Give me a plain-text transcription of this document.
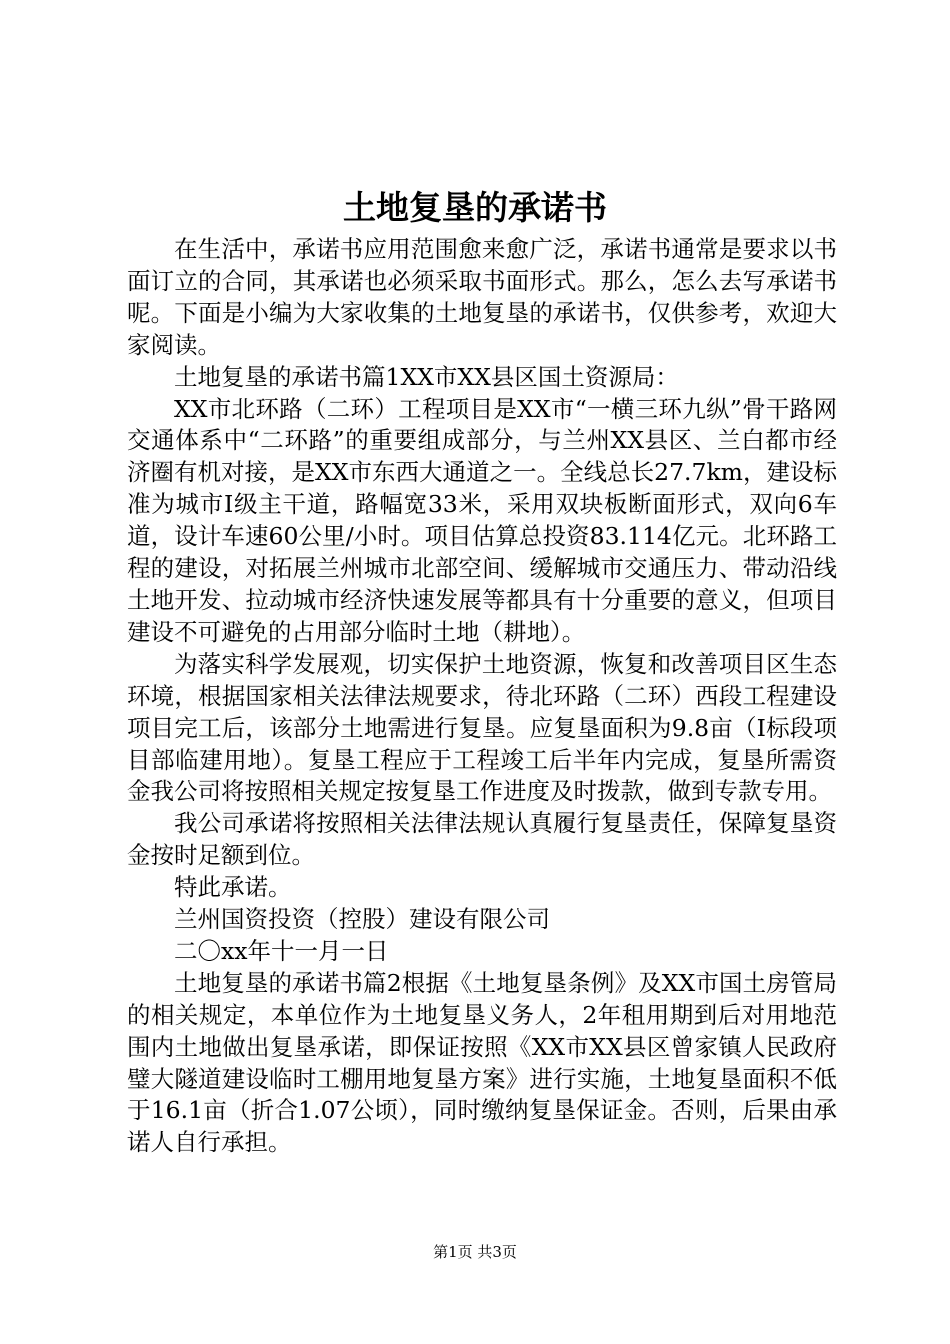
土地复垦的承诺书

在生活中，承诺书应用范围愈来愈广泛，承诺书通常是要求以书面订立的合同，其承诺也必须采取书面形式。那么，怎么去写承诺书呢。下面是小编为大家收集的土地复垦的承诺书，仅供参考，欢迎大家阅读。

土地复垦的承诺书篇1XX市XX县区国土资源局：

XX市北环路（二环）工程项目是XX市“一横三环九纵”骨干路网交通体系中“二环路”的重要组成部分，与兰州XX县区、兰白都市经济圈有机对接，是XX市东西大通道之一。全线总长27.7km，建设标准为城市Ⅰ级主干道，路幅宽33米，采用双块板断面形式，双向6车道，设计车速60公里/小时。项目估算总投资83.114亿元。北环路工程的建设，对拓展兰州城市北部空间、缓解城市交通压力、带动沿线土地开发、拉动城市经济快速发展等都具有十分重要的意义，但项目建设不可避免的占用部分临时土地（耕地）。

为落实科学发展观，切实保护土地资源，恢复和改善项目区生态环境，根据国家相关法律法规要求，待北环路（二环）西段工程建设项目完工后，该部分土地需进行复垦。应复垦面积为9.8亩（Ⅰ标段项目部临建用地）。复垦工程应于工程竣工后半年内完成，复垦所需资金我公司将按照相关规定按复垦工作进度及时拨款，做到专款专用。

我公司承诺将按照相关法律法规认真履行复垦责任，保障复垦资金按时足额到位。

特此承诺。

兰州国资投资（控股）建设有限公司

二〇xx年十一月一日

土地复垦的承诺书篇2根据《土地复垦条例》及XX市国土房管局的相关规定，本单位作为土地复垦义务人，2年租用期到后对用地范围内土地做出复垦承诺，即保证按照《XX市XX县区曾家镇人民政府璧大隧道建设临时工棚用地复垦方案》进行实施，土地复垦面积不低于16.1亩（折合1.07公顷），同时缴纳复垦保证金。否则，后果由承诺人自行承担。

第1页 共3页
